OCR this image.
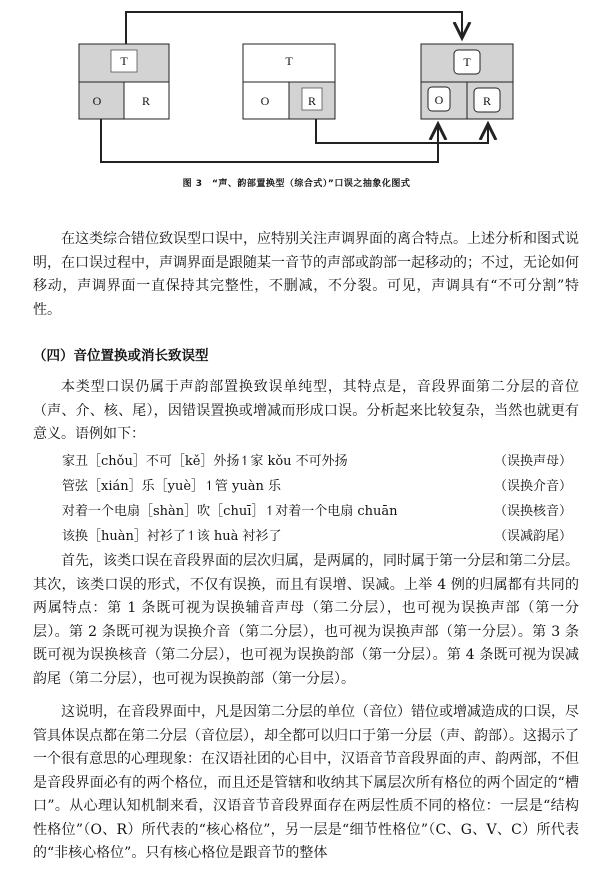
T
O	R
T
O	R
T
O	R
图 3　“声、韵部置换型（综合式）”口误之抽象化图式

在这类综合错位致误型口误中，应特别关注声调界面的离合特点。上述分析和图式说明，在口误过程中，声调界面是跟随某一音节的声部或韵部一起移动的；不过，无论如何移动，声调界面一直保持其完整性，不删减，不分裂。可见，声调具有“不可分割”特性。

（四）音位置换或消长致误型

本类型口误仍属于声韵部置换致误单纯型，其特点是，音段界面第二分层的音位（声、介、核、尾），因错误置换或增减而形成口误。分析起来比较复杂，当然也就更有意义。语例如下：

家丑［chǒu］不可［kě］外扬↿家 kǒu 不可外扬	（误换声母）
管弦［xián］乐［yuè］↿管 yuàn 乐	（误换介音）
对着一个电扇［shàn］吹［chuī］↿对着一个电扇 chuān	（误换核音）
该换［huàn］衬衫了↿该 huà 衬衫了	（误减韵尾）

首先，该类口误在音段界面的层次归属，是两属的，同时属于第一分层和第二分层。其次，该类口误的形式，不仅有误换，而且有误增、误减。上举 4 例的归属都有共同的两属特点：第 1 条既可视为误换辅音声母（第二分层），也可视为误换声部（第一分层）。第 2 条既可视为误换介音（第二分层），也可视为误换声部（第一分层）。第 3 条既可视为误换核音（第二分层），也可视为误换韵部（第一分层）。第 4 条既可视为误减韵尾（第二分层），也可视为误换韵部（第一分层）。

这说明，在音段界面中，凡是因第二分层的单位（音位）错位或增减造成的口误，尽管具体误点都在第二分层（音位层），却全都可以归口于第一分层（声、韵部）。这揭示了一个很有意思的心理现象：在汉语社团的心目中，汉语音节音段界面的声、韵两部，不但是音段界面必有的两个格位，而且还是管辖和收纳其下属层次所有格位的两个固定的“槽口”。从心理认知机制来看，汉语音节音段界面存在两层性质不同的格位：一层是“结构性格位”（O、R）所代表的“核心格位”，另一层是“细节性格位”（C、G、V、C）所代表的“非核心格位”。只有核心格位是跟音节的整体
